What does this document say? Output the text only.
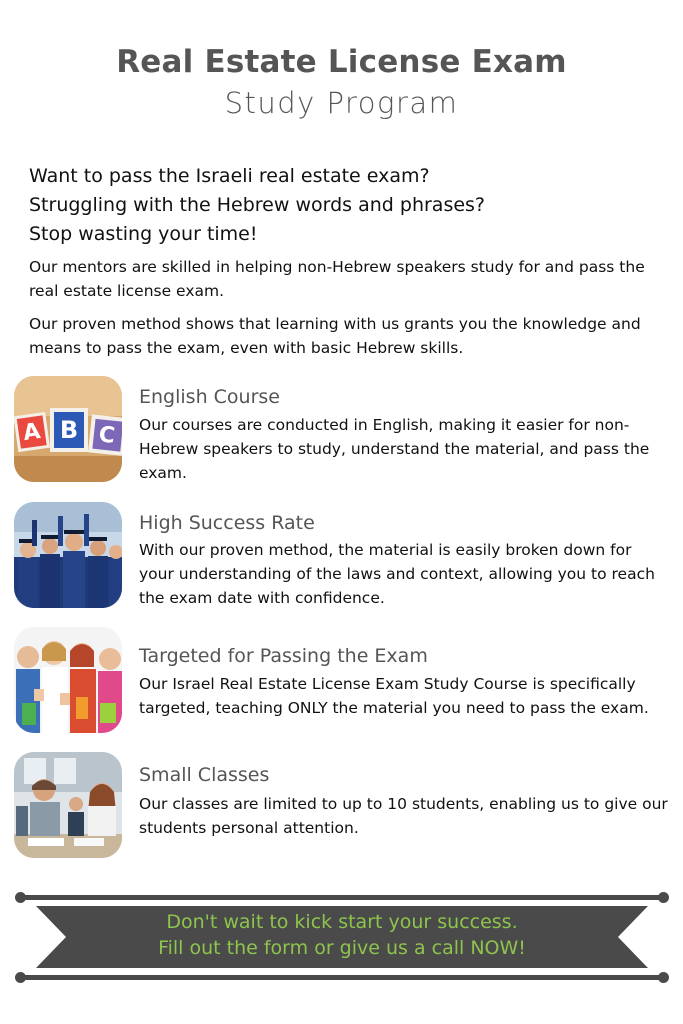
Real Estate License Exam
Study Program
Want to pass the Israeli real estate exam?
Struggling with the Hebrew words and phrases?
Stop wasting your time!
Our mentors are skilled in helping non-Hebrew speakers study for and pass the real estate license exam.
Our proven method shows that learning with us grants you the knowledge and means to pass the exam, even with basic Hebrew skills.
A B C
English Course
Our courses are conducted in English, making it easier for non-Hebrew speakers to study, understand the material, and pass the exam.
High Success Rate
With our proven method, the material is easily broken down for your understanding of the laws and context, allowing you to reach the exam date with confidence.
Targeted for Passing the Exam
Our Israel Real Estate License Exam Study Course is specifically targeted, teaching ONLY the material you need to pass the exam.
Small Classes
Our classes are limited to up to 10 students, enabling us to give our students personal attention.
Don't wait to kick start your success.
Fill out the form or give us a call NOW!
